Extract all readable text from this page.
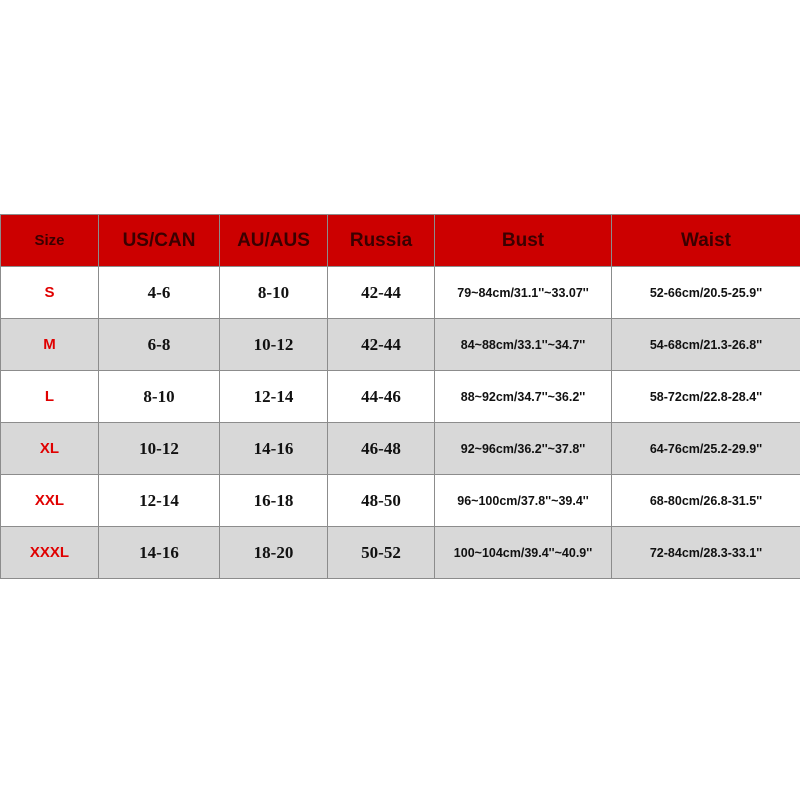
Size	US/CAN	AU/AUS	Russia	Bust	Waist
S	4-6	8-10	42-44	79~84cm/31.1''~33.07''	52-66cm/20.5-25.9''
M	6-8	10-12	42-44	84~88cm/33.1''~34.7''	54-68cm/21.3-26.8''
L	8-10	12-14	44-46	88~92cm/34.7''~36.2''	58-72cm/22.8-28.4''
XL	10-12	14-16	46-48	92~96cm/36.2''~37.8''	64-76cm/25.2-29.9''
XXL	12-14	16-18	48-50	96~100cm/37.8''~39.4''	68-80cm/26.8-31.5''
XXXL	14-16	18-20	50-52	100~104cm/39.4''~40.9''	72-84cm/28.3-33.1''
